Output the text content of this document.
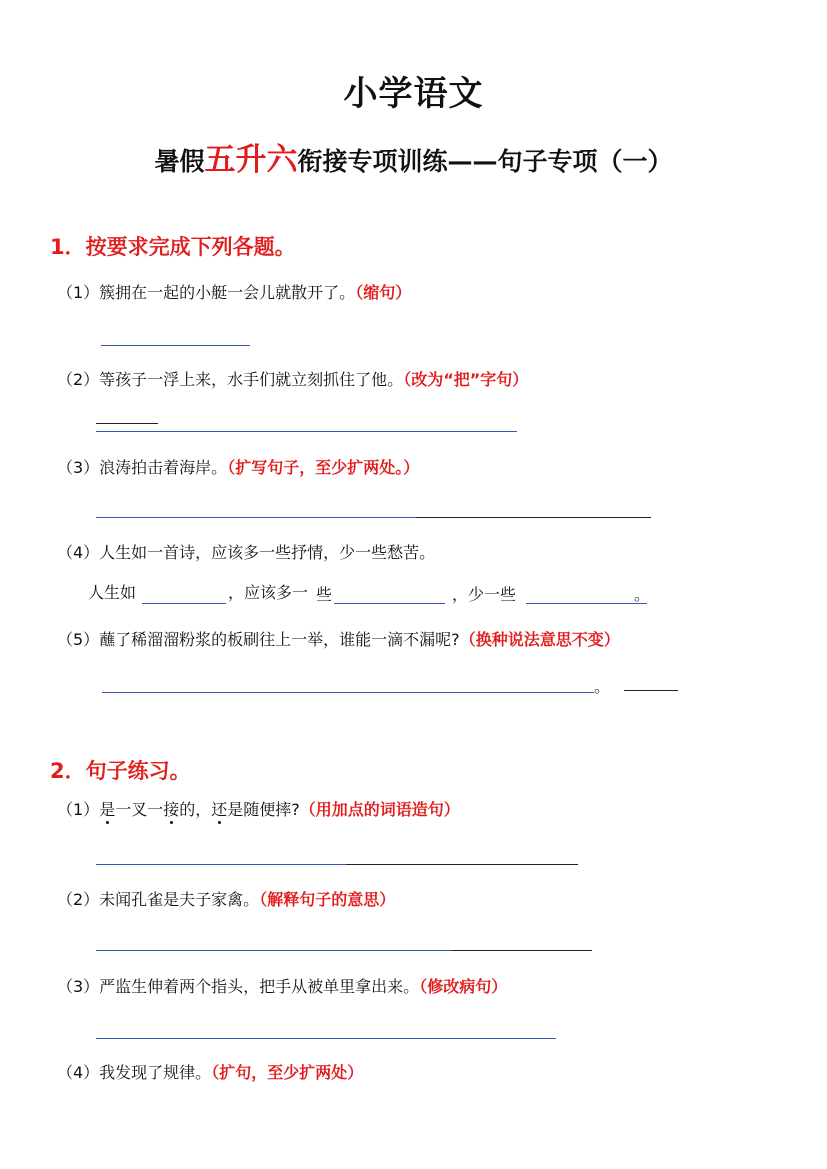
小学语文
暑假五升六衔接专项训练——句子专项（一）
1．按要求完成下列各题。
（1）簇拥在一起的小艇一会儿就散开了。（缩句）
（2）等孩子一浮上来，水手们就立刻抓住了他。（改为“把”字句）
（3）浪涛拍击着海岸。（扩写句子，至少扩两处。）
（4）人生如一首诗，应该多一些抒情，少一些愁苦。
人生如	，应该多一 些	，少一些	。
（5）蘸了稀溜溜粉浆的板刷往上一举，谁能一滴不漏呢?（换种说法意思不变）
。
2．句子练习。
（1）是一叉一接的，还是随便摔?（用加点的词语造句）
（2）未闻孔雀是夫子家禽。（解释句子的意思）
（3）严监生伸着两个指头，把手从被单里拿出来。（修改病句）
（4）我发现了规律。（扩句，至少扩两处）
